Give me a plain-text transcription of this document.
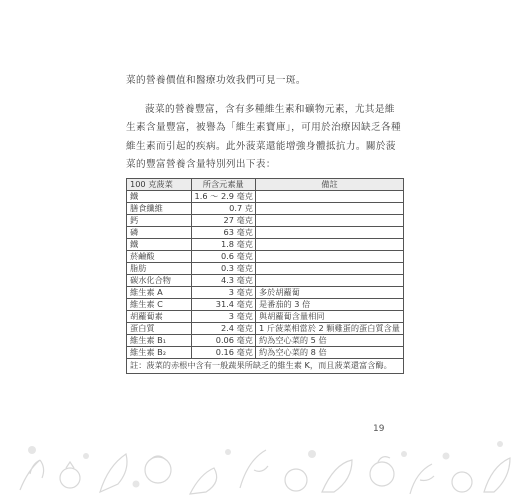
菜的營養價值和醫療功效我們可見一斑。

菠菜的營養豐富，含有多種維生素和礦物元素，尤其是維生素含量豐富，被譽為「維生素寶庫」，可用於治療因缺乏各種維生素而引起的疾病。此外菠菜還能增強身體抵抗力。關於菠菜的豐富營養含量特別列出下表：

100 克菠菜	所含元素量	備註
鐵	1.6 ～ 2.9 毫克	
膳食纖維	0.7 克	
鈣	27 毫克	
磷	63 毫克	
鐵	1.8 毫克	
菸鹼酸	0.6 毫克	
脂肪	0.3 毫克	
碳水化合物	4.3 毫克	
維生素 A	3 毫克	多於胡蘿蔔
維生素 C	31.4 毫克	是番茄的 3 倍
胡蘿蔔素	3 毫克	與胡蘿蔔含量相同
蛋白質	2.4 毫克	1 斤菠菜相當於 2 顆雞蛋的蛋白質含量
維生素 B₁	0.06 毫克	約為空心菜的 5 倍
維生素 B₂	0.16 毫克	約為空心菜的 8 倍
註：菠菜的赤根中含有一般蔬果所缺乏的維生素 K，而且菠菜還富含酶。		
19
